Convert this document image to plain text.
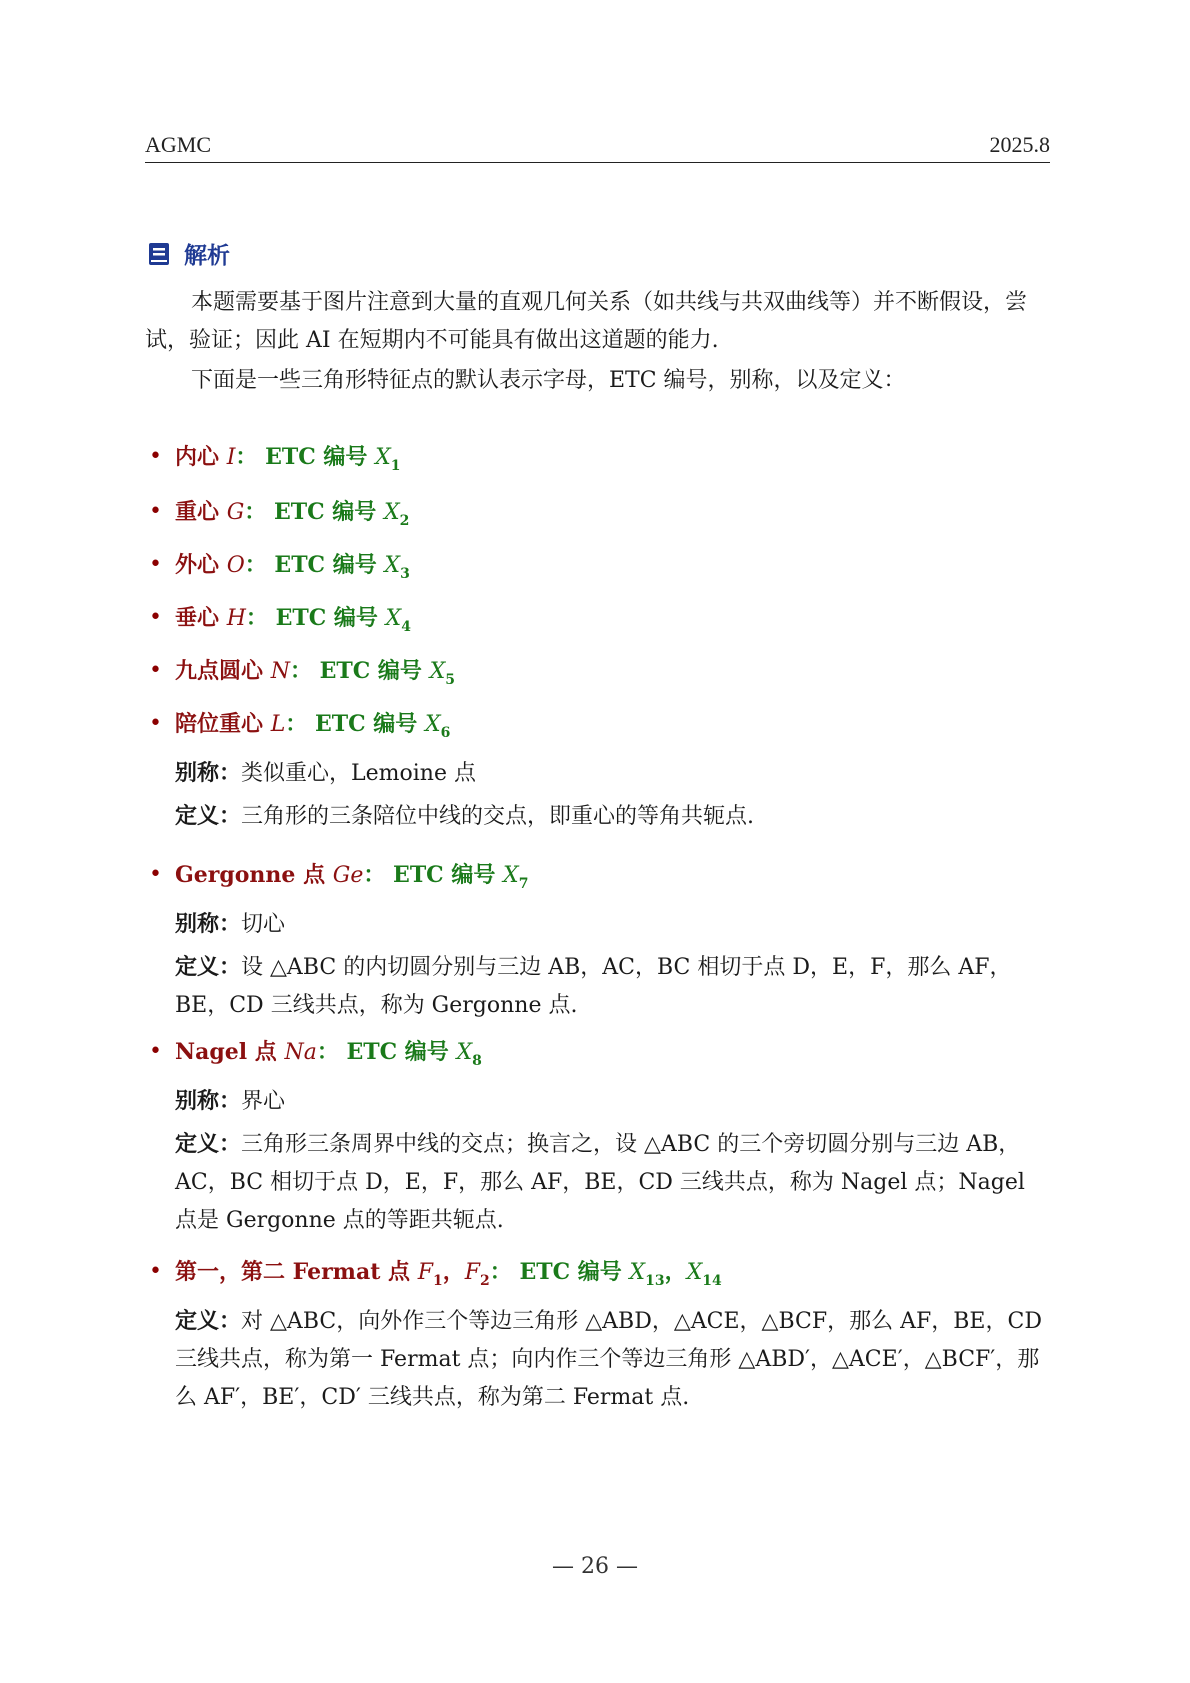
AGMC	2025.8
解析
本题需要基于图片注意到大量的直观几何关系（如共线与共双曲线等）并不断假设，尝试，验证；因此 AI 在短期内不可能具有做出这道题的能力.
下面是一些三角形特征点的默认表示字母，ETC 编号，别称，以及定义：
• 内心 I： ETC 编号 $X_1$
• 重心 G： ETC 编号 $X_2$
• 外心 O： ETC 编号 $X_3$
• 垂心 H： ETC 编号 $X_4$
• 九点圆心 N： ETC 编号 $X_5$
• 陪位重心 L： ETC 编号 $X_6$
别称：类似重心，Lemoine 点
定义：三角形的三条陪位中线的交点，即重心的等角共轭点.
• Gergonne 点 Ge： ETC 编号 $X_7$
别称：切心
定义：设 △ABC 的内切圆分别与三边 AB，AC，BC 相切于点 D，E，F，那么 AF，BE，CD 三线共点，称为 Gergonne 点.
• Nagel 点 Na： ETC 编号 $X_8$
别称：界心
定义：三角形三条周界中线的交点；换言之，设 △ABC 的三个旁切圆分别与三边 AB，AC，BC 相切于点 D，E，F，那么 AF，BE，CD 三线共点，称为 Nagel 点；Nagel 点是 Gergonne 点的等距共轭点.
• 第一，第二 Fermat 点 $F_1$，$F_2$： ETC 编号 $X_{13}$，$X_{14}$
定义：对 △ABC，向外作三个等边三角形 △ABD，△ACE，△BCF，那么 AF，BE，CD 三线共点，称为第一 Fermat 点；向内作三个等边三角形 △ABD′，△ACE′，△BCF′，那么 AF′，BE′，CD′ 三线共点，称为第二 Fermat 点.
— 26 —
